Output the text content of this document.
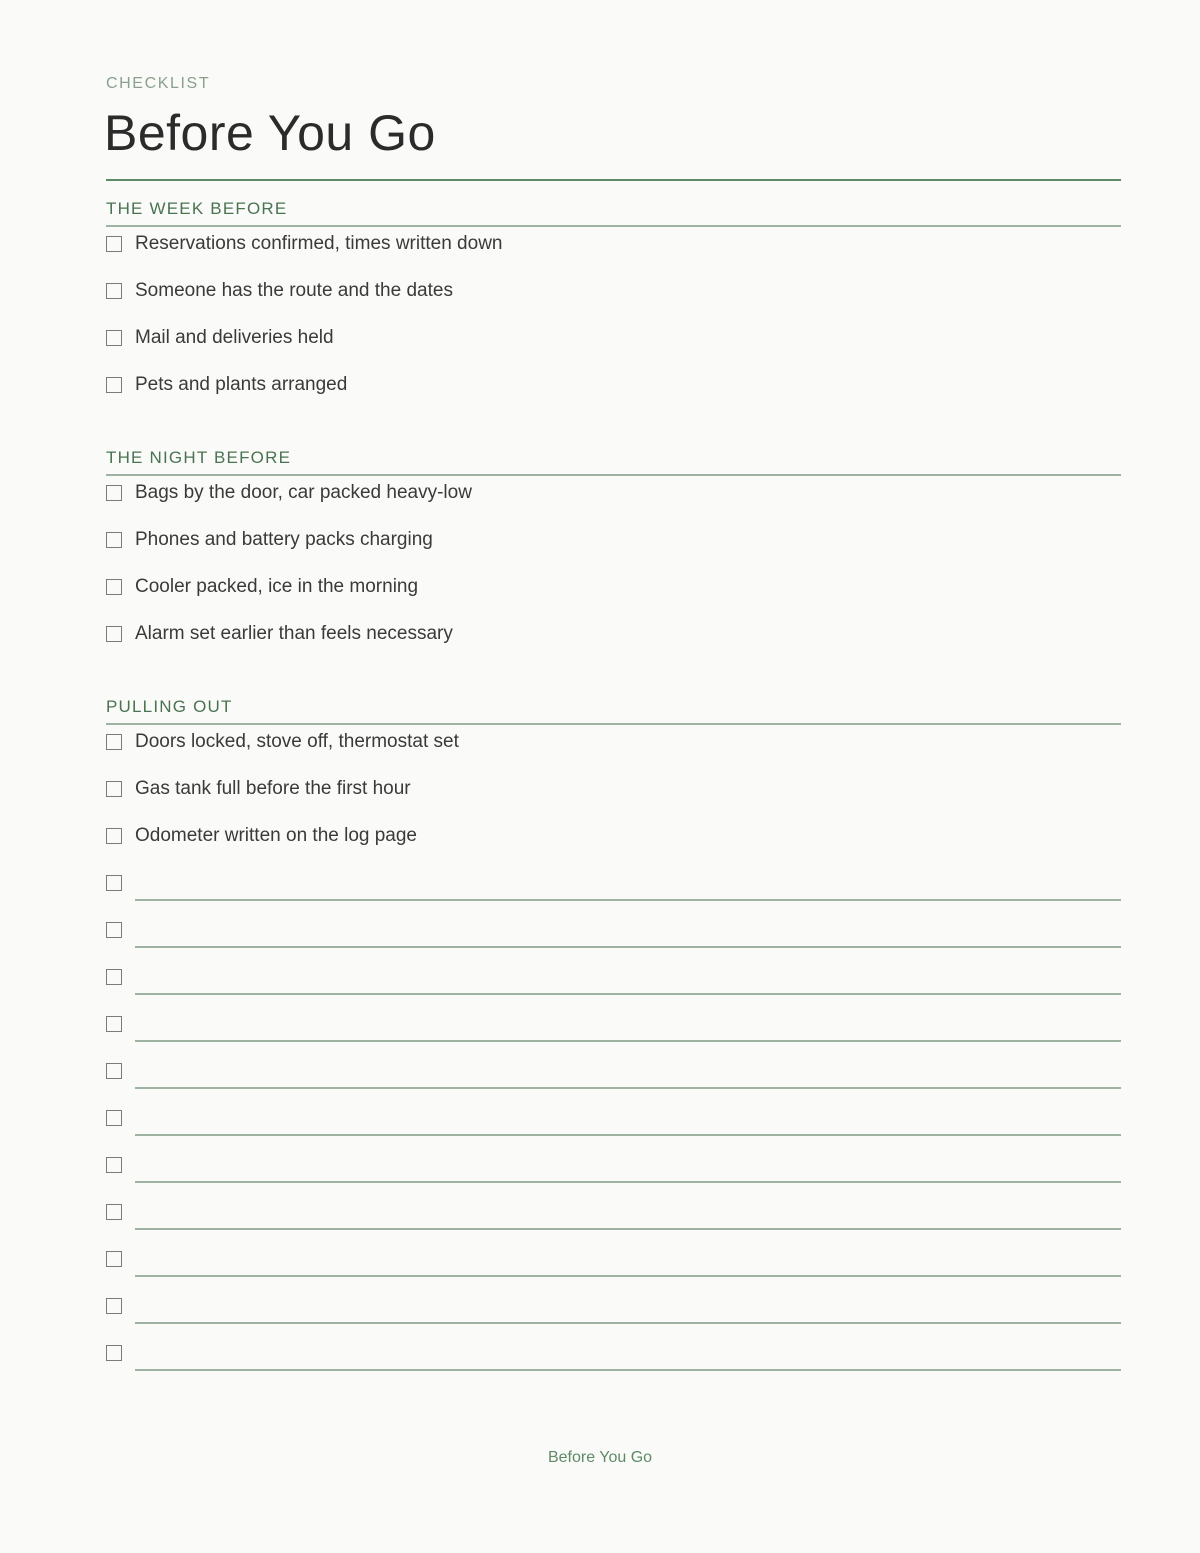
CHECKLIST
Before You Go
THE WEEK BEFORE
Reservations confirmed, times written down
Someone has the route and the dates
Mail and deliveries held
Pets and plants arranged
THE NIGHT BEFORE
Bags by the door, car packed heavy-low
Phones and battery packs charging
Cooler packed, ice in the morning
Alarm set earlier than feels necessary
PULLING OUT
Doors locked, stove off, thermostat set
Gas tank full before the first hour
Odometer written on the log page
Before You Go
